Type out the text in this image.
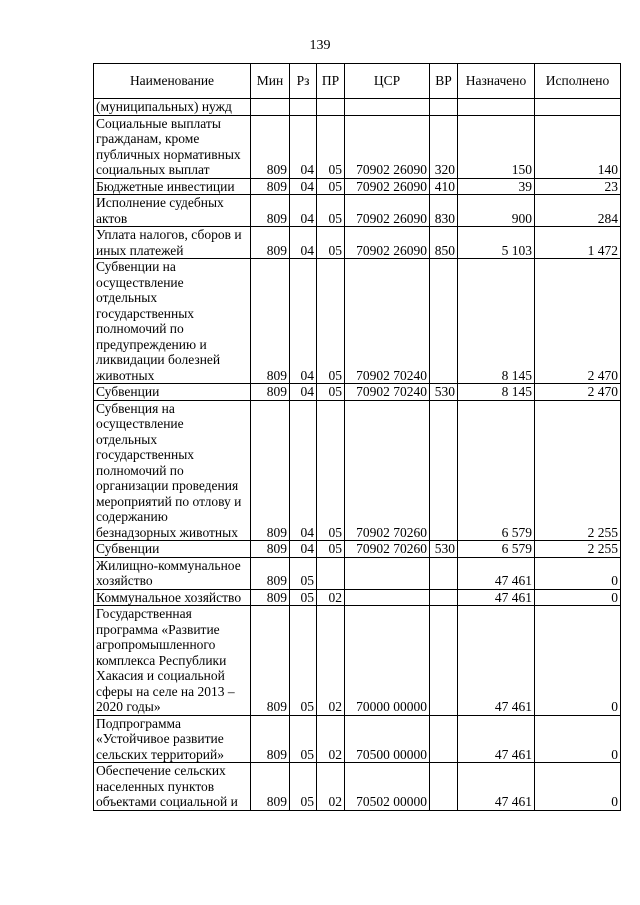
139
Наименование	Мин	Рз	ПР	ЦСР	ВР	Назначено	Исполнено
(муниципальных) нужд							
Социальные выплаты гражданам, кроме публичных нормативных социальных выплат	809	04	05	70902 26090	320	150	140
Бюджетные инвестиции	809	04	05	70902 26090	410	39	23
Исполнение судебных актов	809	04	05	70902 26090	830	900	284
Уплата налогов, сборов и иных платежей	809	04	05	70902 26090	850	5 103	1 472
Субвенции на осуществление отдельных государственных полномочий по предупреждению и ликвидации болезней животных	809	04	05	70902 70240		8 145	2 470
Субвенции	809	04	05	70902 70240	530	8 145	2 470
Субвенция на осуществление отдельных государственных полномочий по организации проведения мероприятий по отлову и содержанию безнадзорных животных	809	04	05	70902 70260		6 579	2 255
Субвенции	809	04	05	70902 70260	530	6 579	2 255
Жилищно-коммунальное хозяйство	809	05				47 461	0
Коммунальное хозяйство	809	05	02			47 461	0
Государственная программа «Развитие агропромышленного комплекса Республики Хакасия и социальной сферы на селе на 2013 – 2020 годы»	809	05	02	70000 00000		47 461	0
Подпрограмма «Устойчивое развитие сельских территорий»	809	05	02	70500 00000		47 461	0
Обеспечение сельских населенных пунктов объектами социальной и	809	05	02	70502 00000		47 461	0
